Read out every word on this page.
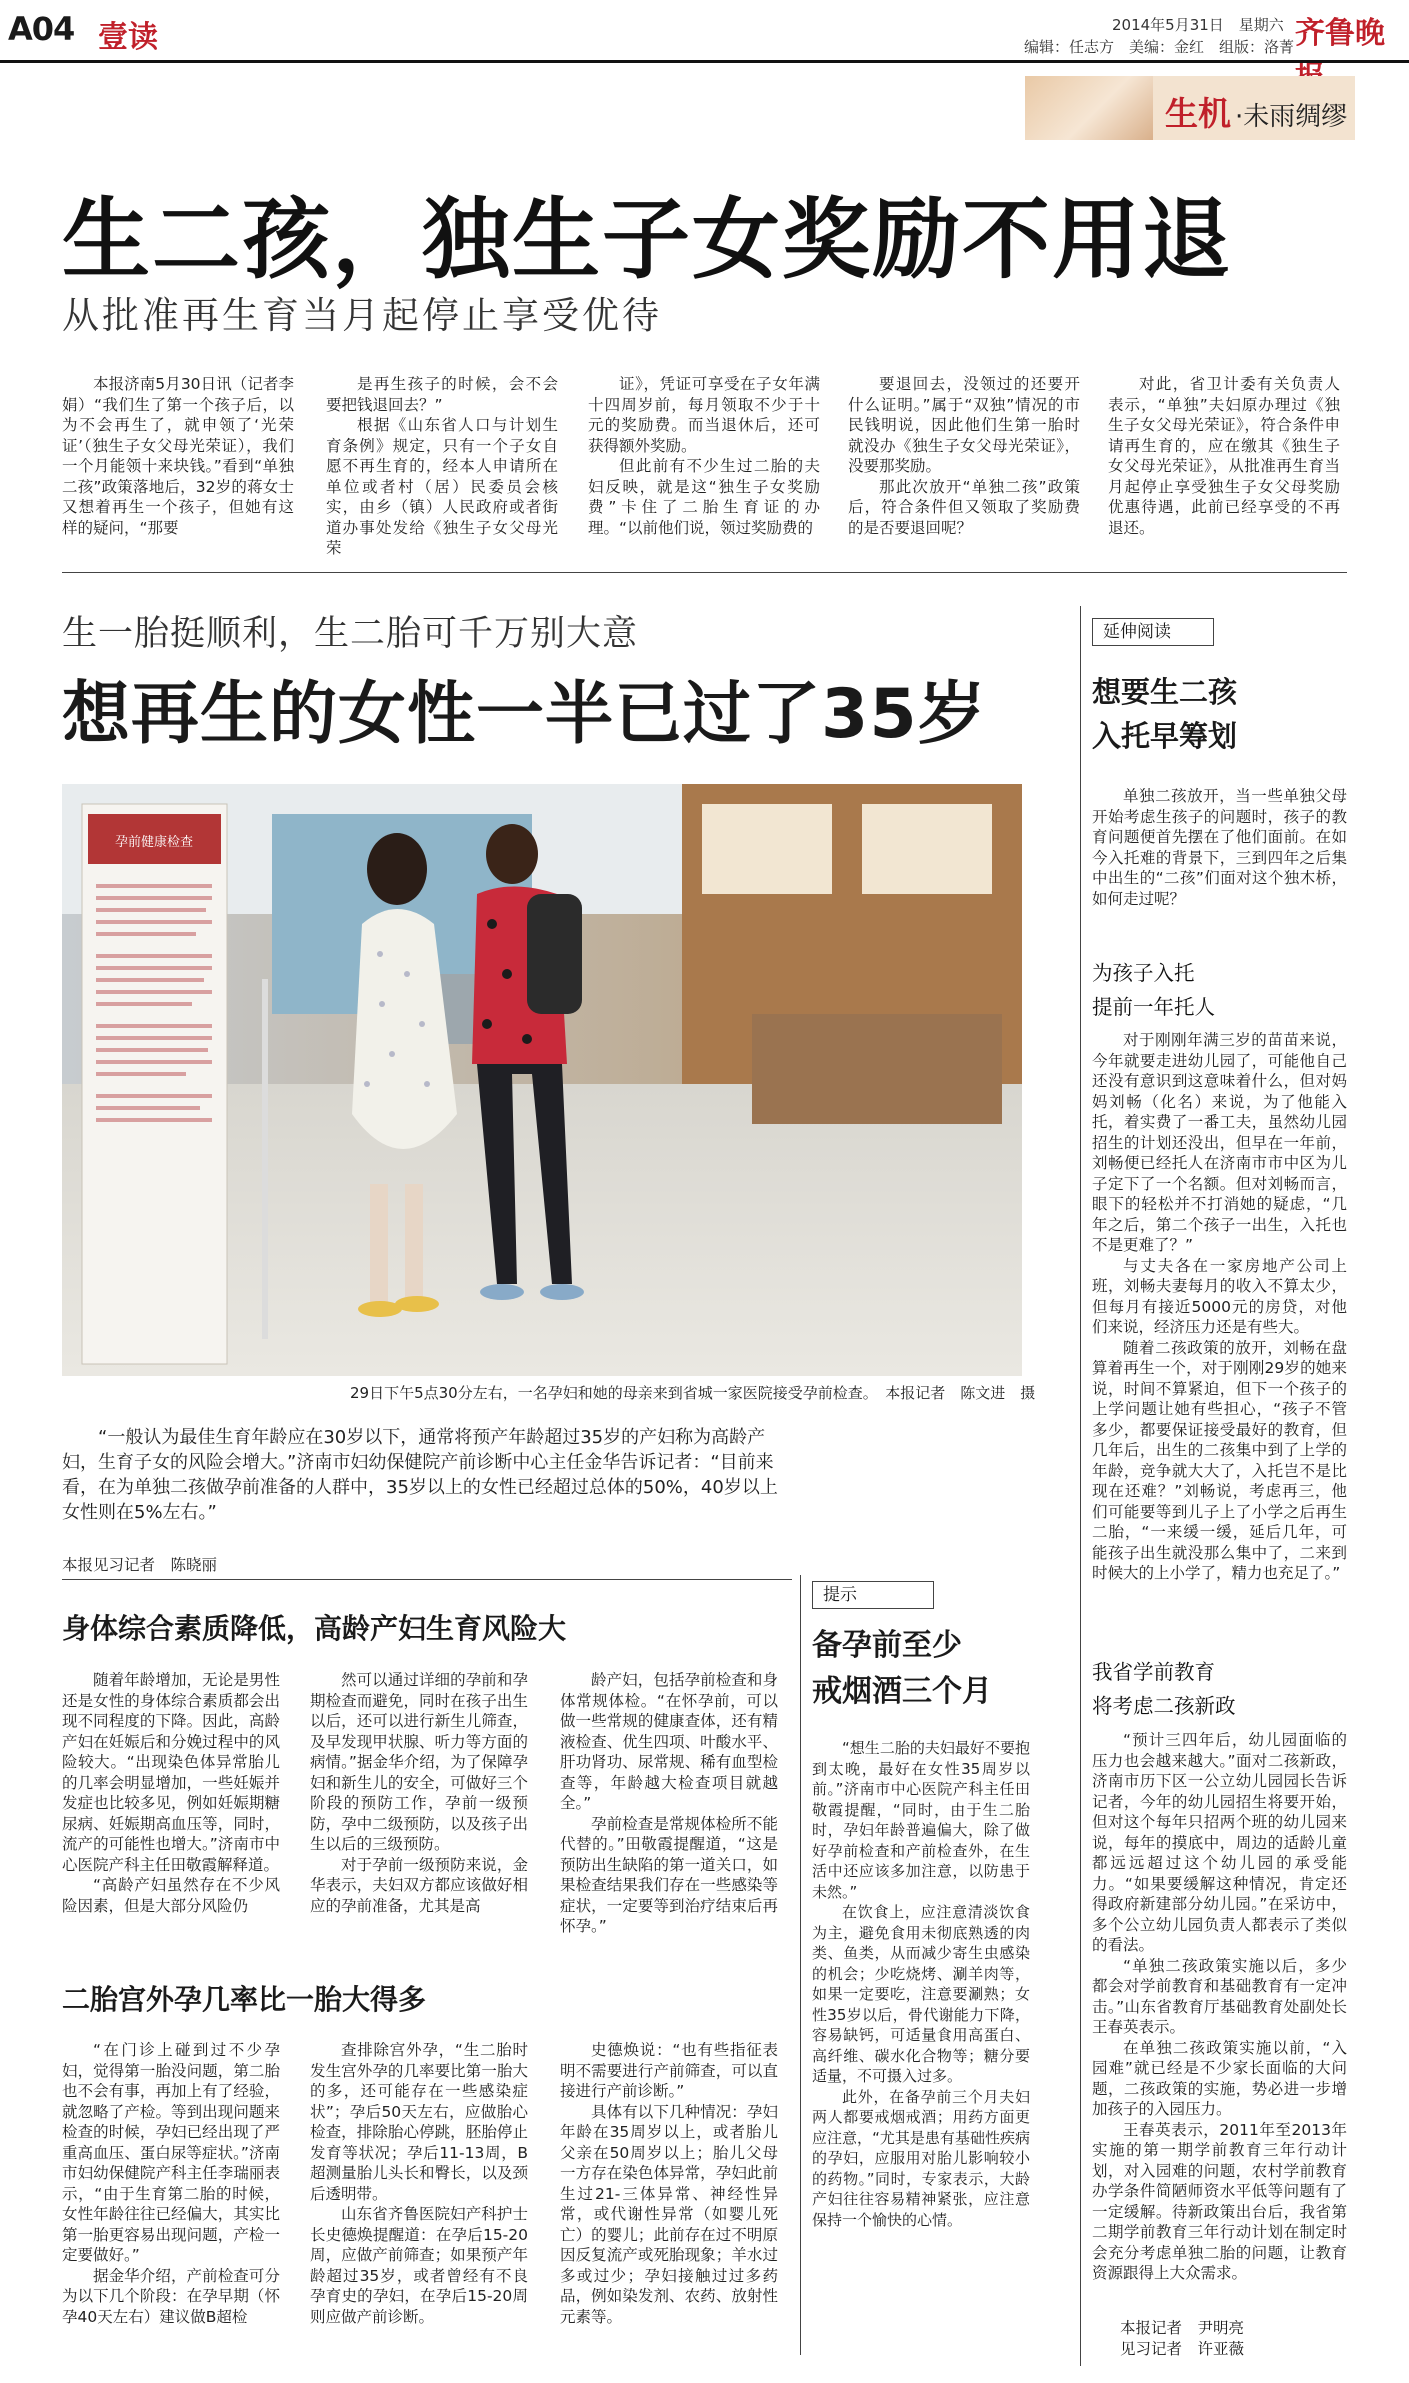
A04 壹读	2014年5月31日　星期六
编辑：任志方　美编：金红　组版：洛菁 齐鲁晚
生机 ·未雨绸缪
生二孩，独生子女奖励不用退
从批准再生育当月起停止享受优待

本报济南5月30日讯（记者李娟）“我们生了第一个孩子后，以为不会再生了，就申领了‘光荣证’（独生子女父母光荣证），我们一个月能领十来块钱。”看到“单独二孩”政策落地后，32岁的蒋女士又想着再生一个孩子，但她有这样的疑问，“那要

是再生孩子的时候，会不会要把钱退回去？”

根据《山东省人口与计划生育条例》规定，只有一个子女自愿不再生育的，经本人申请所在单位或者村（居）民委员会核实，由乡（镇）人民政府或者街道办事处发给《独生子女父母光荣

证》，凭证可享受在子女年满十四周岁前，每月领取不少于十元的奖励费。而当退休后，还可获得额外奖励。

但此前有不少生过二胎的夫妇反映，就是这“独生子女奖励费”卡住了二胎生育证的办理。“以前他们说，领过奖励费的

要退回去，没领过的还要开什么证明。”属于“双独”情况的市民钱明说，因此他们生第一胎时就没办《独生子女父母光荣证》，没要那奖励。

那此次放开“单独二孩”政策后，符合条件但又领取了奖励费的是否要退回呢？

对此，省卫计委有关负责人表示，“单独”夫妇原办理过《独生子女父母光荣证》，符合条件申请再生育的，应在缴其《独生子女父母光荣证》，从批准再生育当月起停止享受独生子女父母奖励优惠待遇，此前已经享受的不再退还。

生一胎挺顺利，生二胎可千万别大意
想再生的女性一半已过了35岁
孕前健康检查
29日下午5点30分左右，一名孕妇和她的母亲来到省城一家医院接受孕前检查。　本报记者　陈文进　摄

“一般认为最佳生育年龄应在30岁以下，通常将预产年龄超过35岁的产妇称为高龄产妇，生育子女的风险会增大。”济南市妇幼保健院产前诊断中心主任金华告诉记者：“目前来看，在为单独二孩做孕前准备的人群中，35岁以上的女性已经超过总体的50%，40岁以上女性则在5%左右。”

本报见习记者　陈晓丽
身体综合素质降低，高龄产妇生育风险大

随着年龄增加，无论是男性还是女性的身体综合素质都会出现不同程度的下降。因此，高龄产妇在妊娠后和分娩过程中的风险较大。“出现染色体异常胎儿的几率会明显增加，一些妊娠并发症也比较多见，例如妊娠期糖尿病、妊娠期高血压等，同时，流产的可能性也增大。”济南市中心医院产科主任田敬霞解释道。

“高龄产妇虽然存在不少风险因素，但是大部分风险仍

然可以通过详细的孕前和孕期检查而避免，同时在孩子出生以后，还可以进行新生儿筛查，及早发现甲状腺、听力等方面的病情。”据金华介绍，为了保障孕妇和新生儿的安全，可做好三个阶段的预防工作，孕前一级预防，孕中二级预防，以及孩子出生以后的三级预防。

对于孕前一级预防来说，金华表示，夫妇双方都应该做好相应的孕前准备，尤其是高

龄产妇，包括孕前检查和身体常规体检。“在怀孕前，可以做一些常规的健康查体，还有精液检查、优生四项、叶酸水平、肝功肾功、尿常规、稀有血型检查等，年龄越大检查项目就越全。”

孕前检查是常规体检所不能代替的。”田敬霞提醒道，“这是预防出生缺陷的第一道关口，如果检查结果我们存在一些感染等症状，一定要等到治疗结束后再怀孕。”

二胎宫外孕几率比一胎大得多

“在门诊上碰到过不少孕妇，觉得第一胎没问题，第二胎也不会有事，再加上有了经验，就忽略了产检。等到出现问题来检查的时候，孕妇已经出现了严重高血压、蛋白尿等症状。”济南市妇幼保健院产科主任李瑞丽表示，“由于生育第二胎的时候，女性年龄往往已经偏大，其实比第一胎更容易出现问题，产检一定要做好。”

据金华介绍，产前检查可分为以下几个阶段：在孕早期（怀孕40天左右）建议做B超检

查排除宫外孕，“生二胎时发生宫外孕的几率要比第一胎大的多，还可能存在一些感染症状”；孕后50天左右，应做胎心检查，排除胎心停跳，胚胎停止发育等状况；孕后11-13周，B超测量胎儿头长和臀长，以及颈后透明带。

山东省齐鲁医院妇产科护士长史德焕提醒道：在孕后15-20周，应做产前筛查；如果预产年龄超过35岁，或者曾经有不良孕育史的孕妇，在孕后15-20周则应做产前诊断。

史德焕说：“也有些指征表明不需要进行产前筛查，可以直接进行产前诊断。”

具体有以下几种情况：孕妇年龄在35周岁以上，或者胎儿父亲在50周岁以上；胎儿父母一方存在染色体异常，孕妇此前生过21-三体异常、神经性异常，或代谢性异常（如婴儿死亡）的婴儿；此前存在过不明原因反复流产或死胎现象；羊水过多或过少；孕妇接触过过多药品，例如染发剂、农药、放射性元素等。

提示
备孕前至少
戒烟酒三个月

“想生二胎的夫妇最好不要抱到太晚，最好在女性35周岁以前。”济南市中心医院产科主任田敬霞提醒，“同时，由于生二胎时，孕妇年龄普遍偏大，除了做好孕前检查和产前检查外，在生活中还应该多加注意，以防患于未然。”

在饮食上，应注意清淡饮食为主，避免食用未彻底熟透的肉类、鱼类，从而减少寄生虫感染的机会；少吃烧烤、涮羊肉等，如果一定要吃，注意要涮熟；女性35岁以后，骨代谢能力下降，容易缺钙，可适量食用高蛋白、高纤维、碳水化合物等；糖分要适量，不可摄入过多。

此外，在备孕前三个月夫妇两人都要戒烟戒酒；用药方面更应注意，“尤其是患有基础性疾病的孕妇，应服用对胎儿影响较小的药物。”同时，专家表示，大龄产妇往往容易精神紧张，应注意保持一个愉快的心情。

延伸阅读
想要生二孩
入托早筹划

单独二孩放开，当一些单独父母开始考虑生孩子的问题时，孩子的教育问题便首先摆在了他们面前。在如今入托难的背景下，三到四年之后集中出生的“二孩”们面对这个独木桥，如何走过呢？

为孩子入托
提前一年托人

对于刚刚年满三岁的苗苗来说，今年就要走进幼儿园了，可能他自己还没有意识到这意味着什么，但对妈妈刘畅（化名）来说，为了他能入托，着实费了一番工夫，虽然幼儿园招生的计划还没出，但早在一年前，刘畅便已经托人在济南市市中区为儿子定下了一个名额。但对刘畅而言，眼下的轻松并不打消她的疑虑，“几年之后，第二个孩子一出生，入托也不是更难了？”

与丈夫各在一家房地产公司上班，刘畅夫妻每月的收入不算太少，但每月有接近5000元的房贷，对他们来说，经济压力还是有些大。

随着二孩政策的放开，刘畅在盘算着再生一个，对于刚刚29岁的她来说，时间不算紧迫，但下一个孩子的上学问题让她有些担心，“孩子不管多少，都要保证接受最好的教育，但几年后，出生的二孩集中到了上学的年龄，竞争就大大了，入托岂不是比现在还难？”刘畅说，考虑再三，他们可能要等到儿子上了小学之后再生二胎，“一来缓一缓，延后几年，可能孩子出生就没那么集中了，二来到时候大的上小学了，精力也充足了。”

我省学前教育
将考虑二孩新政

“预计三四年后，幼儿园面临的压力也会越来越大。”面对二孩新政，济南市历下区一公立幼儿园园长告诉记者，今年的幼儿园招生将要开始，但对这个每年只招两个班的幼儿园来说，每年的摸底中，周边的适龄儿童都远远超过这个幼儿园的承受能力。“如果要缓解这种情况，肯定还得政府新建部分幼儿园。”在采访中，多个公立幼儿园负责人都表示了类似的看法。

“单独二孩政策实施以后，多少都会对学前教育和基础教育有一定冲击。”山东省教育厅基础教育处副处长王春英表示。

在单独二孩政策实施以前，“入园难”就已经是不少家长面临的大问题，二孩政策的实施，势必进一步增加孩子的入园压力。

王春英表示，2011年至2013年实施的第一期学前教育三年行动计划，对入园难的问题，农村学前教育办学条件简陋师资水平低等问题有了一定缓解。待新政策出台后，我省第二期学前教育三年行动计划在制定时会充分考虑单独二胎的问题，让教育资源跟得上大众需求。

本报记者　尹明亮
见习记者　许亚薇
